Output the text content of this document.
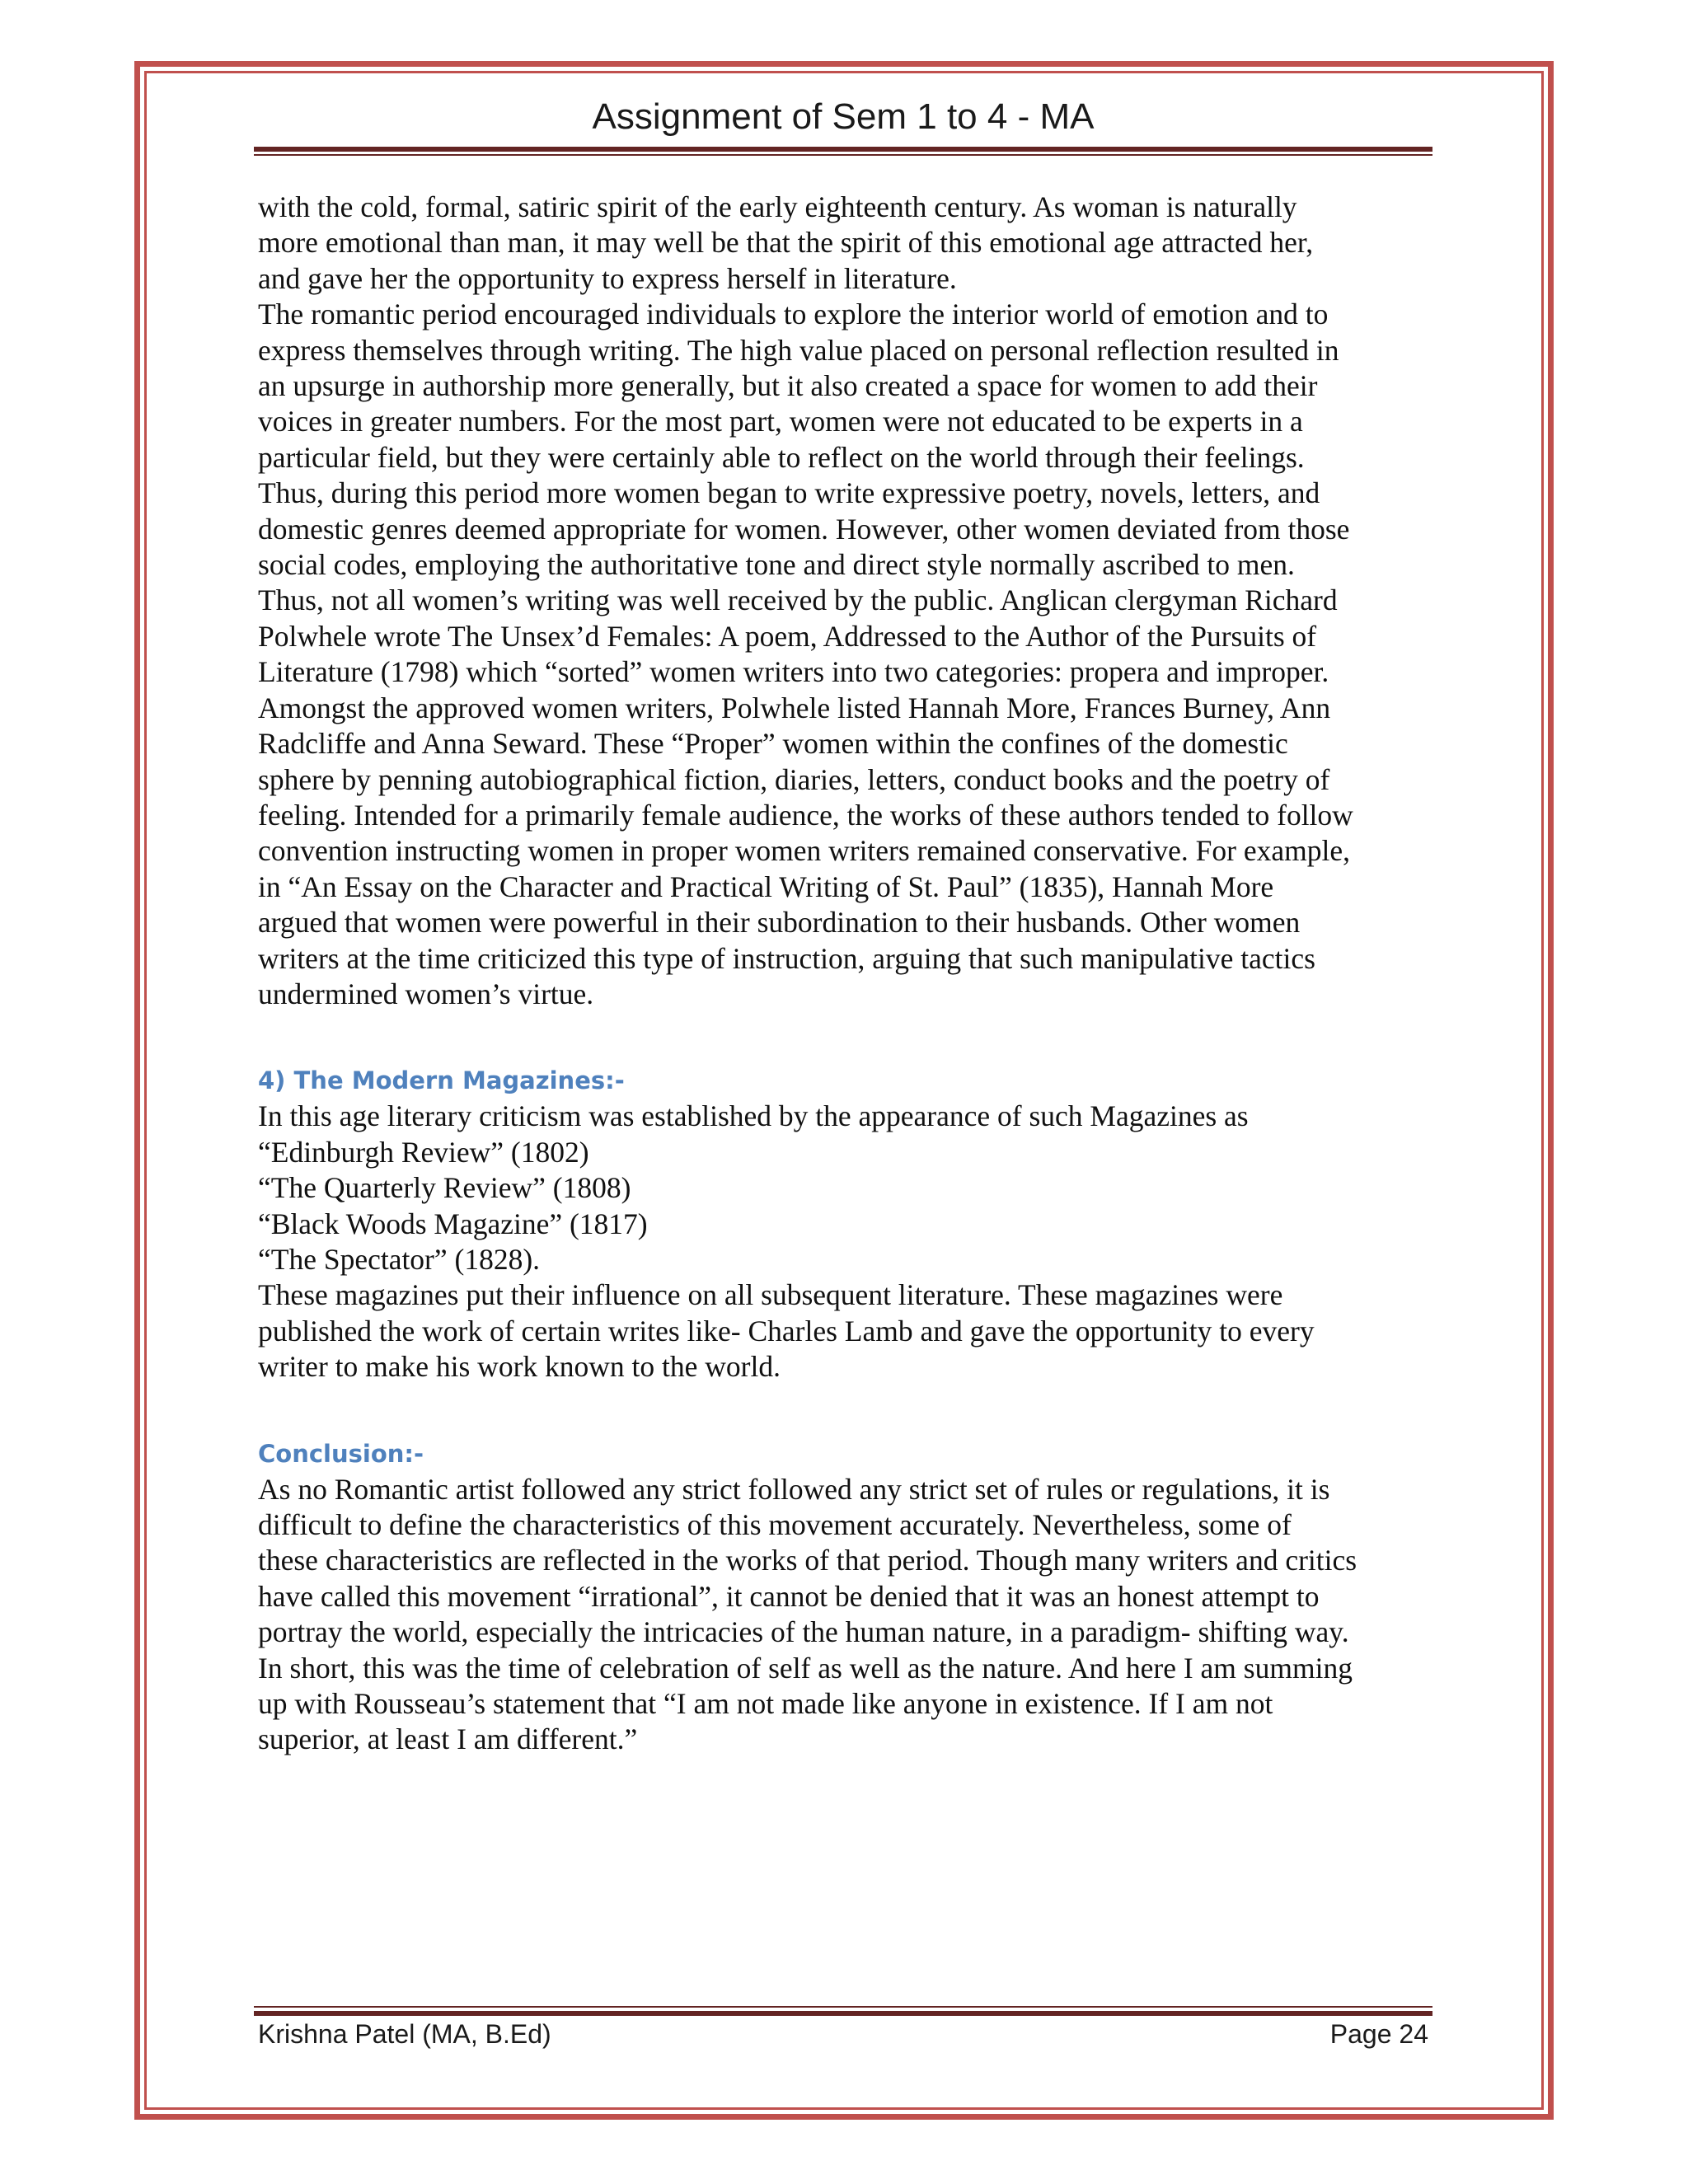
Assignment of Sem 1 to 4 - MA

with the cold, formal, satiric spirit of the early eighteenth century. As woman is naturally

more emotional than man, it may well be that the spirit of this emotional age attracted her,

and gave her the opportunity to express herself in literature.

The romantic period encouraged individuals to explore the interior world of emotion and to

express themselves through writing. The high value placed on personal reflection resulted in

an upsurge in authorship more generally, but it also created a space for women to add their

voices in greater numbers. For the most part, women were not educated to be experts in a

particular field, but they were certainly able to reflect on the world through their feelings.

Thus, during this period more women began to write expressive poetry, novels, letters, and

domestic genres deemed appropriate for women. However, other women deviated from those

social codes, employing the authoritative tone and direct style normally ascribed to men.

Thus, not all women’s writing was well received by the public. Anglican clergyman Richard

Polwhele wrote The Unsex’d Females: A poem, Addressed to the Author of the Pursuits of

Literature (1798) which “sorted” women writers into two categories: propera and improper.

Amongst the approved women writers, Polwhele listed Hannah More, Frances Burney, Ann

Radcliffe and Anna Seward. These “Proper” women within the confines of the domestic

sphere by penning autobiographical fiction, diaries, letters, conduct books and the poetry of

feeling. Intended for a primarily female audience, the works of these authors tended to follow

convention instructing women in proper women writers remained conservative. For example,

in “An Essay on the Character and Practical Writing of St. Paul” (1835), Hannah More

argued that women were powerful in their subordination to their husbands. Other women

writers at the time criticized this type of instruction, arguing that such manipulative tactics

undermined women’s virtue.

4) The Modern Magazines:-

In this age literary criticism was established by the appearance of such Magazines as

“Edinburgh Review” (1802)

“The Quarterly Review” (1808)

“Black Woods Magazine” (1817)

“The Spectator” (1828).

These magazines put their influence on all subsequent literature. These magazines were

published the work of certain writes like- Charles Lamb and gave the opportunity to every

writer to make his work known to the world.

Conclusion:-

As no Romantic artist followed any strict followed any strict set of rules or regulations, it is

difficult to define the characteristics of this movement accurately. Nevertheless, some of

these characteristics are reflected in the works of that period. Though many writers and critics

have called this movement “irrational”, it cannot be denied that it was an honest attempt to

portray the world, especially the intricacies of the human nature, in a paradigm- shifting way.

In short, this was the time of celebration of self as well as the nature. And here I am summing

up with Rousseau’s statement that “I am not made like anyone in existence. If I am not

superior, at least I am different.”

Krishna Patel (MA, B.Ed)	Page 24
